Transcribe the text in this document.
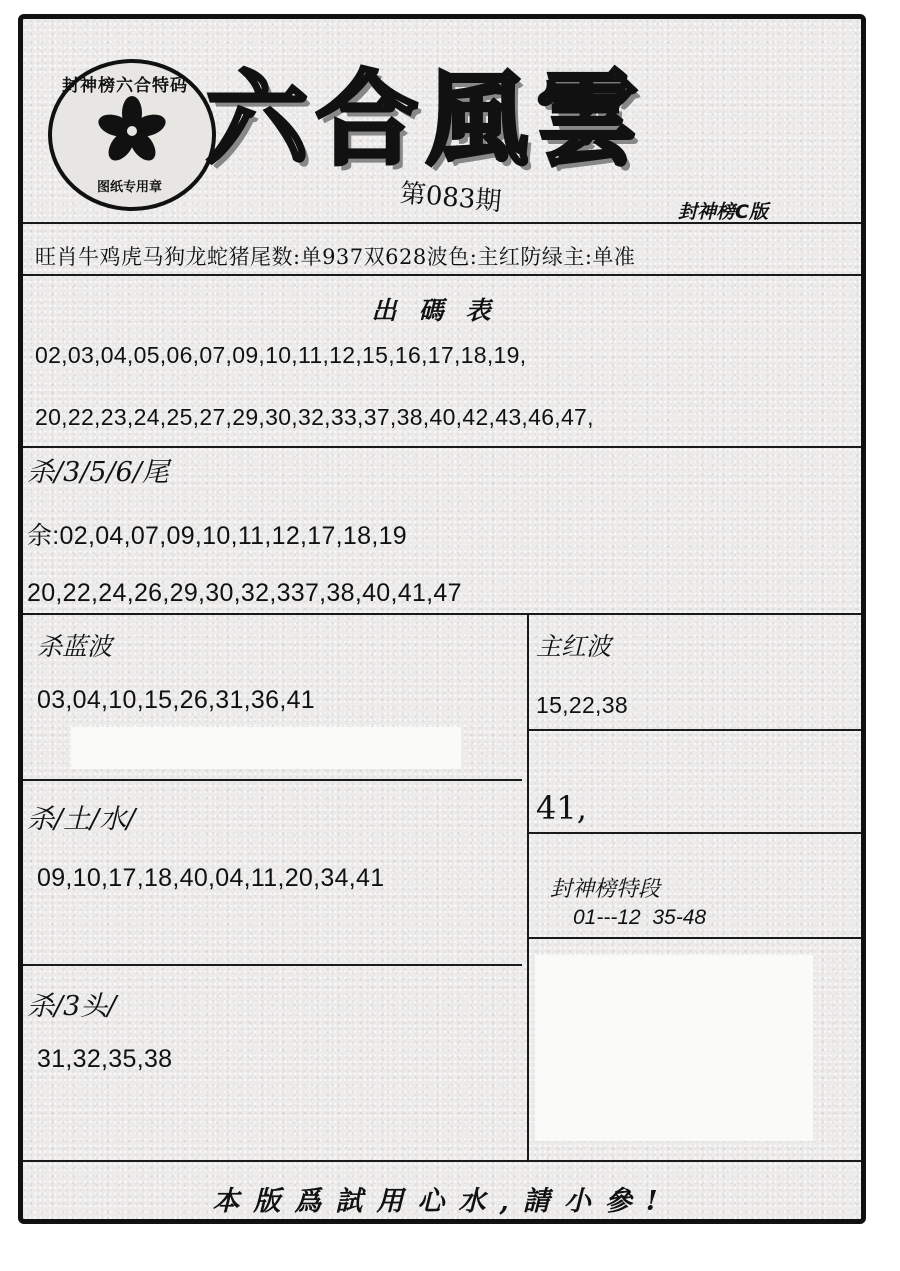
封神榜六合特码
图纸专用章
六合風雲
第083期	封神榜C版
旺肖牛鸡虎马狗龙蛇猪尾数:单937双628波色:主红防绿主:单准
出碼表
02,03,04,05,06,07,09,10,11,12,15,16,17,18,19,
20,22,23,24,25,27,29,30,32,33,37,38,40,42,43,46,47,
杀/3/5/6/尾
余:02,04,07,09,10,11,12,17,18,19
20,22,24,26,29,30,32,337,38,40,41,47
杀蓝波
03,04,10,15,26,31,36,41
杀/土/水/
09,10,17,18,40,04,11,20,34,41
杀/3头/
31,32,35,38
主红波
15,22,38
41,
封神榜特段
01---12  35-48
本版爲試用心水,請小參!
